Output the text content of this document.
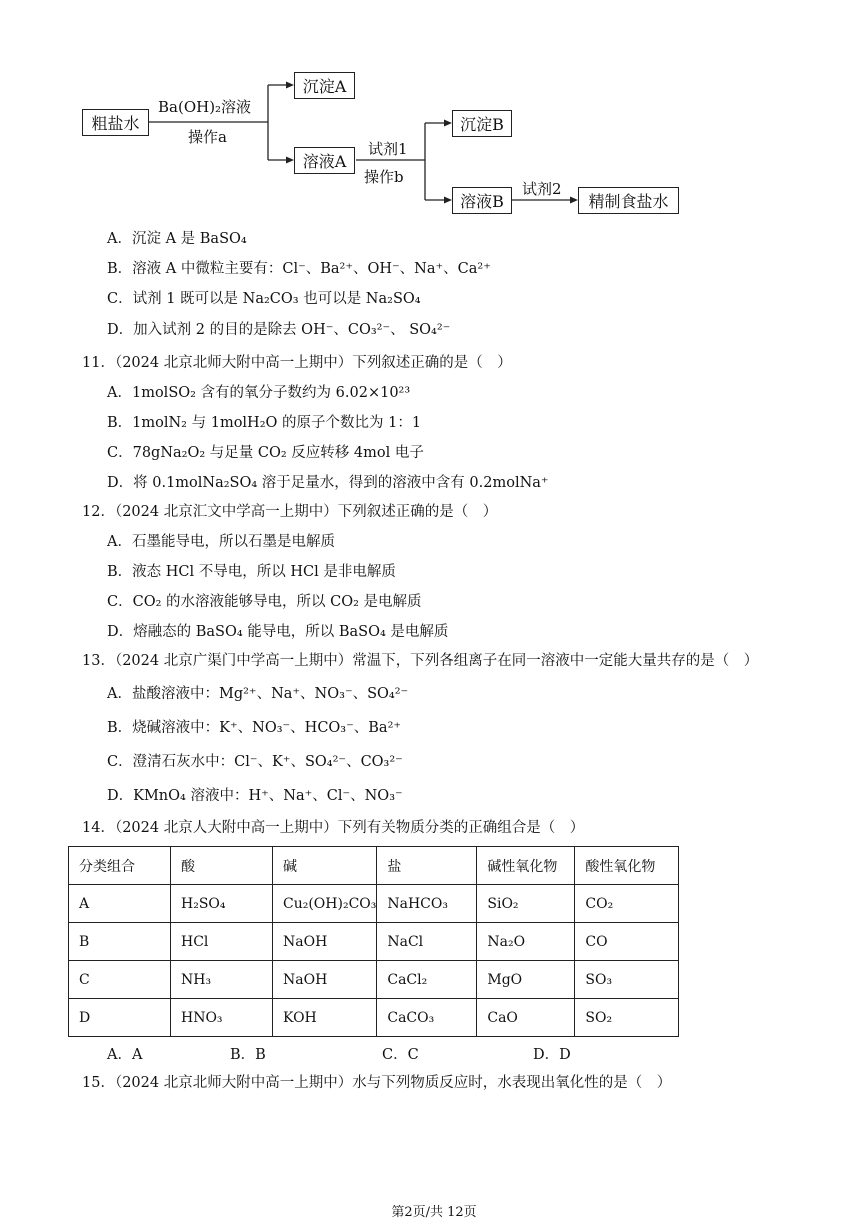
粗盐水
Ba(OH)₂溶液
操作a
沉淀A
溶液A
试剂1
操作b
沉淀B
溶液B
试剂2
精制食盐水
A．沉淀 A 是 BaSO₄
B．溶液 A 中微粒主要有：Cl⁻、Ba²⁺、OH⁻、Na⁺、Ca²⁺
C．试剂 1 既可以是 Na₂CO₃ 也可以是 Na₂SO₄
D．加入试剂 2 的目的是除去 OH⁻、CO₃²⁻、 SO₄²⁻
11．（2024 北京北师大附中高一上期中）下列叙述正确的是（　）
A．1molSO₂ 含有的氧分子数约为 6.02×10²³
B．1molN₂ 与 1molH₂O 的原子个数比为 1：1
C．78gNa₂O₂ 与足量 CO₂ 反应转移 4mol 电子
D．将 0.1molNa₂SO₄ 溶于足量水，得到的溶液中含有 0.2molNa⁺
12．（2024 北京汇文中学高一上期中）下列叙述正确的是（　）
A．石墨能导电，所以石墨是电解质
B．液态 HCl 不导电，所以 HCl 是非电解质
C．CO₂ 的水溶液能够导电，所以 CO₂ 是电解质
D．熔融态的 BaSO₄ 能导电，所以 BaSO₄ 是电解质
13．（2024 北京广渠门中学高一上期中）常温下，下列各组离子在同一溶液中一定能大量共存的是（　）
A．盐酸溶液中：Mg²⁺、Na⁺、NO₃⁻、SO₄²⁻
B．烧碱溶液中：K⁺、NO₃⁻、HCO₃⁻、Ba²⁺
C．澄清石灰水中：Cl⁻、K⁺、SO₄²⁻、CO₃²⁻
D．KMnO₄ 溶液中：H⁺、Na⁺、Cl⁻、NO₃⁻
14．（2024 北京人大附中高一上期中）下列有关物质分类的正确组合是（　）
分类组合	酸	碱	盐	碱性氧化物	酸性氧化物
A	H₂SO₄	Cu₂(OH)₂CO₃	NaHCO₃	SiO₂	CO₂
B	HCl	NaOH	NaCl	Na₂O	CO
C	NH₃	NaOH	CaCl₂	MgO	SO₃
D	HNO₃	KOH	CaCO₃	CaO	SO₂
A．A	B．B	C．C	D．D
15．（2024 北京北师大附中高一上期中）水与下列物质反应时，水表现出氧化性的是（　）
第2页/共 12页
